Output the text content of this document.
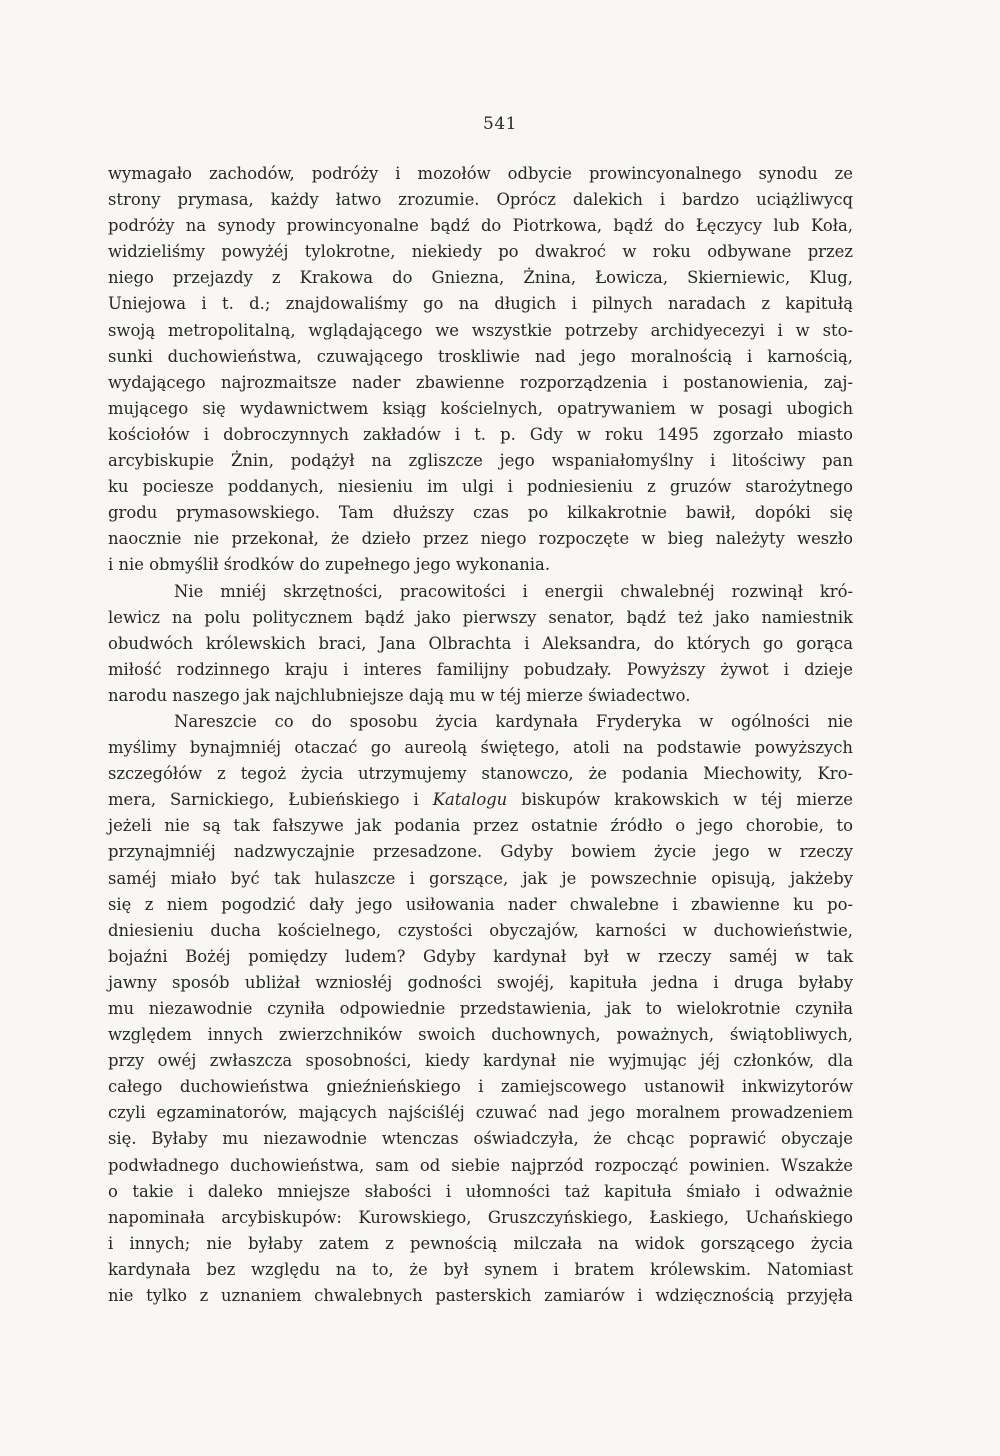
541
wymagało zachodów, podróży i mozołów odbycie prowincyonalnego synodu ze
strony prymasa, każdy łatwo zrozumie. Oprócz dalekich i bardzo uciążliwycq
podróży na synody prowincyonalne bądź do Piotrkowa, bądź do Łęczycy lub Koła,
widzieliśmy powyżéj tylokrotne, niekiedy po dwakroć w roku odbywane przez
niego przejazdy z Krakowa do Gniezna, Żnina, Łowicza, Skierniewic, Klug,
Uniejowa i t. d.; znajdowaliśmy go na długich i pilnych naradach z kapitułą
swoją metropolitalną, wglądającego we wszystkie potrzeby archidyecezyi i w sto-
sunki duchowieństwa, czuwającego troskliwie nad jego moralnością i karnością,
wydającego najrozmaitsze nader zbawienne rozporządzenia i postanowienia, zaj-
mującego się wydawnictwem ksiąg kościelnych, opatrywaniem w posagi ubogich
kościołów i dobroczynnych zakładów i t. p. Gdy w roku 1495 zgorzało miasto
arcybiskupie Żnin, podążył na zgliszcze jego wspaniałomyślny i litościwy pan
ku pociesze poddanych, niesieniu im ulgi i podniesieniu z gruzów starożytnego
grodu prymasowskiego. Tam dłuższy czas po kilkakrotnie bawił, dopóki się
naocznie nie przekonał, że dzieło przez niego rozpoczęte w bieg należyty weszło
i nie obmyślił środków do zupełnego jego wykonania.
Nie mniéj skrzętności, pracowitości i energii chwalebnéj rozwinął kró-
lewicz na polu politycznem bądź jako pierwszy senator, bądź też jako namiestnik
obudwóch królewskich braci, Jana Olbrachta i Aleksandra, do których go gorąca
miłość rodzinnego kraju i interes familijny pobudzały. Powyższy żywot i dzieje
narodu naszego jak najchlubniejsze dają mu w téj mierze świadectwo.
Nareszcie co do sposobu życia kardynała Fryderyka w ogólności nie
myślimy bynajmniéj otaczać go aureolą świętego, atoli na podstawie powyższych
szczegółów z tegoż życia utrzymujemy stanowczo, że podania Miechowity, Kro-
mera, Sarnickiego, Łubieńskiego i Katalogu biskupów krakowskich w téj mierze
jeżeli nie są tak fałszywe jak podania przez ostatnie źródło o jego chorobie, to
przynajmniéj nadzwyczajnie przesadzone. Gdyby bowiem życie jego w rzeczy
saméj miało być tak hulaszcze i gorszące, jak je powszechnie opisują, jakżeby
się z niem pogodzić dały jego usiłowania nader chwalebne i zbawienne ku po-
dniesieniu ducha kościelnego, czystości obyczajów, karności w duchowieństwie,
bojaźni Bożéj pomiędzy ludem? Gdyby kardynał był w rzeczy saméj w tak
jawny sposób ubliżał wzniosłéj godności swojéj, kapituła jedna i druga byłaby
mu niezawodnie czyniła odpowiednie przedstawienia, jak to wielokrotnie czyniła
względem innych zwierzchników swoich duchownych, poważnych, świątobliwych,
przy owéj zwłaszcza sposobności, kiedy kardynał nie wyjmując jéj członków, dla
całego duchowieństwa gnieźnieńskiego i zamiejscowego ustanowił inkwizytorów
czyli egzaminatorów, mających najściśléj czuwać nad jego moralnem prowadzeniem
się. Byłaby mu niezawodnie wtenczas oświadczyła, że chcąc poprawić obyczaje
podwładnego duchowieństwa, sam od siebie najprzód rozpocząć powinien. Wszakże
o takie i daleko mniejsze słabości i ułomności taż kapituła śmiało i odważnie
napominała arcybiskupów: Kurowskiego, Gruszczyńskiego, Łaskiego, Uchańskiego
i innych; nie byłaby zatem z pewnością milczała na widok gorszącego życia
kardynała bez względu na to, że był synem i bratem królewskim. Natomiast
nie tylko z uznaniem chwalebnych pasterskich zamiarów i wdzięcznością przyjęła
